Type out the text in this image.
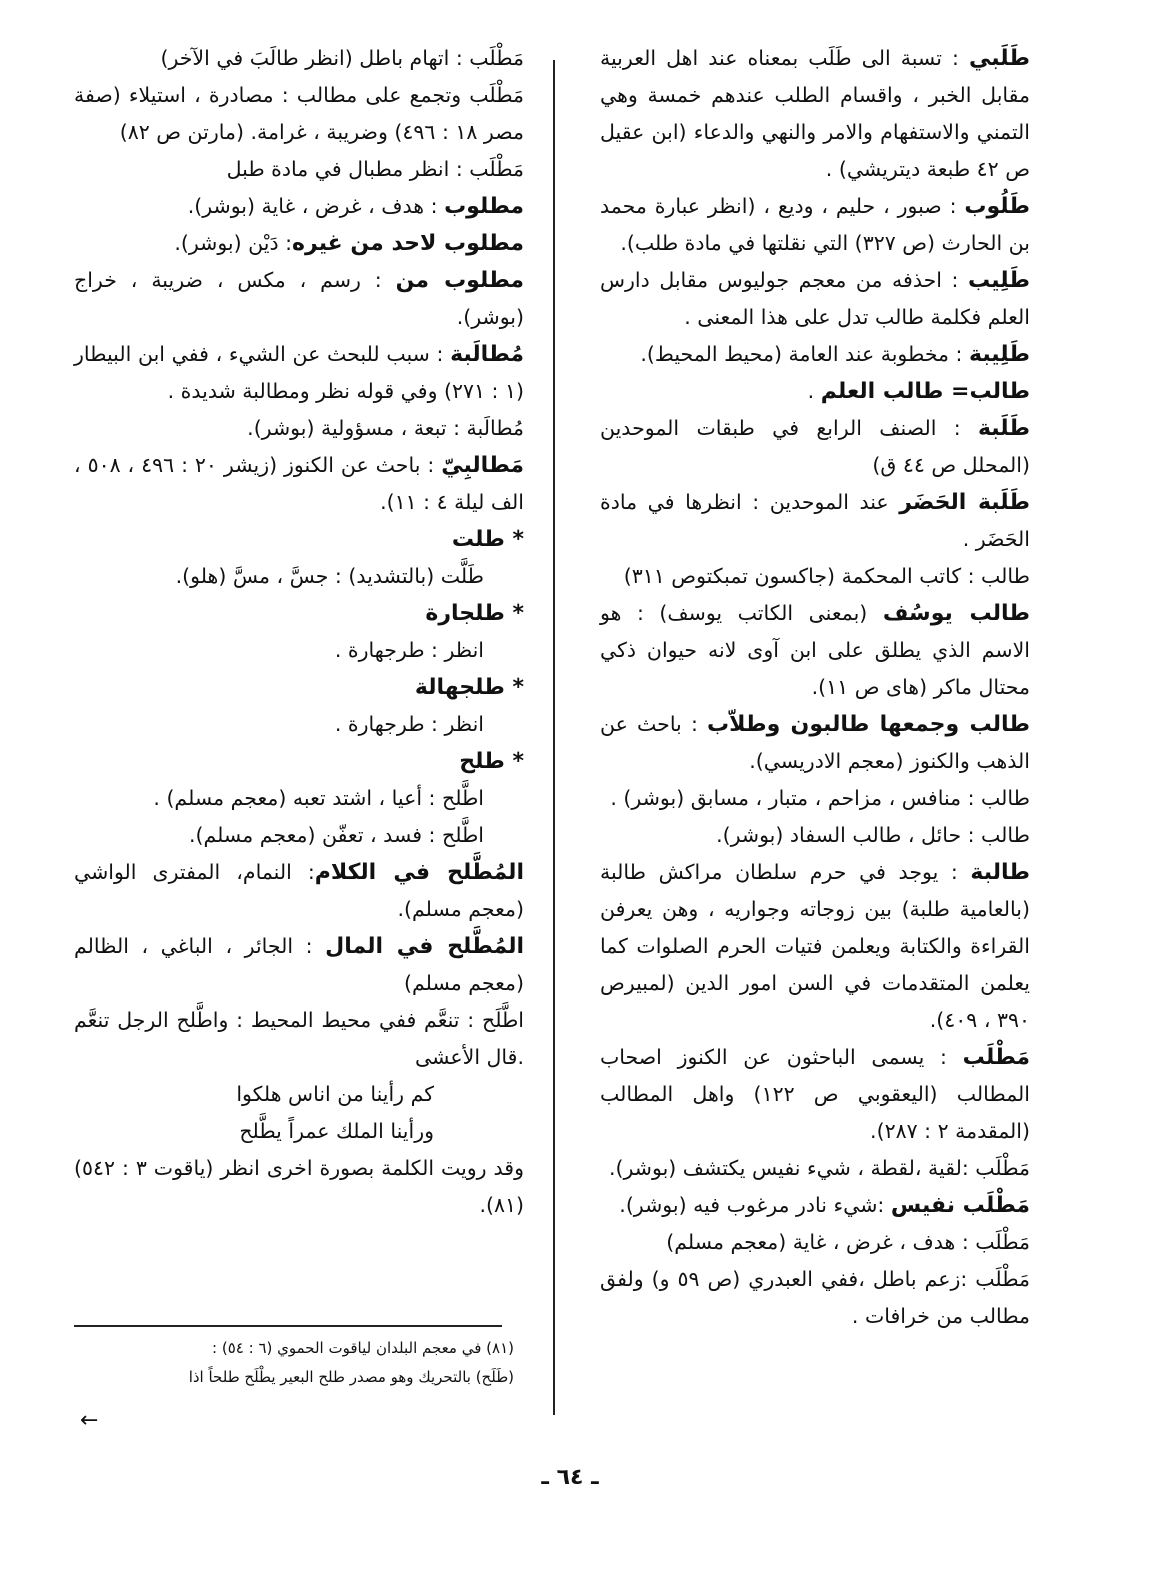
طَلَبي : تسبة الى طَلَب بمعناه عند اهل العربية مقابل الخبر ، واقسام الطلب عندهم خمسة وهي التمني والاستفهام والامر والنهي والدعاء (ابن عقيل ص ٤٢ طبعة ديتريشي) .

طَلُوب : صبور ، حليم ، وديع ، (انظر عبارة محمد بن الحارث (ص ٣٢٧) التي نقلتها في مادة طلب).

طَلِيب : احذفه من معجم جوليوس مقابل دارس العلم فكلمة طالب تدل على هذا المعنى .

طَلِيبة : مخطوبة عند العامة (محيط المحيط).

طالب= طالب العلم .

طَلَبة : الصنف الرابع في طبقات الموحدين (المحلل ص ٤٤ ق)

طَلَبة الحَضَر عند الموحدين : انظرها في مادة الحَضَر .

طالب : كاتب المحكمة (جاكسون تمبكتوص ٣١١)

طالب يوسُف (بمعنى الكاتب يوسف) : هو الاسم الذي يطلق على ابن آوى لانه حيوان ذكي محتال ماكر (هاى ص ١١).

طالب وجمعها طالبون وطلاّب : باحث عن الذهب والكنوز (معجم الادريسي).

طالب : منافس ، مزاحم ، متبار ، مسابق (بوشر) .

طالب : حائل ، طالب السفاد (بوشر).

طالبة : يوجد في حرم سلطان مراكش طالبة (بالعامية طلبة) بين زوجاته وجواريه ، وهن يعرفن القراءة والكتابة ويعلمن فتيات الحرم الصلوات كما يعلمن المتقدمات في السن امور الدين (لمبيرص ٣٩٠ ، ٤٠٩).

مَطْلَب : يسمى الباحثون عن الكنوز اصحاب المطالب (اليعقوبي ص ١٢٢) واهل المطالب (المقدمة ٢ : ٢٨٧).

مَطْلَب :لقية ،لقطة ، شيء نفيس يكتشف (بوشر).

مَطْلَب نفيس :شيء نادر مرغوب فيه (بوشر).

مَطْلَب : هدف ، غرض ، غاية (معجم مسلم)

مَطْلَب :زعم باطل ،ففي العبدري (ص ٥٩ و) ولفق مطالب من خرافات .

مَطْلَب : اتهام باطل (انظر طالَبَ في الآخر)

مَطْلَب وتجمع على مطالب : مصادرة ، استيلاء (صفة مصر ١٨ : ٤٩٦) وضريبة ، غرامة. (مارتن ص ٨٢)

مَطْلَب : انظر مطبال في مادة طبل

مطلوب : هدف ، غرض ، غاية (بوشر).

مطلوب لاحد من غيره: دَيْن (بوشر).

مطلوب من : رسم ، مكس ، ضريبة ، خراج (بوشر).

مُطالَبة : سبب للبحث عن الشيء ، ففي ابن البيطار (١ : ٢٧١) وفي قوله نظر ومطالبة شديدة .

مُطالَبة : تبعة ، مسؤولية (بوشر).

مَطالبِيّ : باحث عن الكنوز (زيشر ٢٠ : ٤٩٦ ، ٥٠٨ ، الف ليلة ٤ : ١١).

* طلت

طَلَّت (بالتشديد) : جسَّ ، مسَّ (هلو).

* طلجارة

انظر : طرجهارة .

* طلجهالة

انظر : طرجهارة .

* طلح

اطَّلح : أعيا ، اشتد تعبه (معجم مسلم) .

اطَّلح : فسد ، تعفّن (معجم مسلم).

المُطَّلح في الكلام: النمام، المفترى الواشي (معجم مسلم).

المُطَّلح في المال : الجائر ، الباغي ، الظالم (معجم مسلم)

اطَّلَح : تنعَّم ففي محيط المحيط : واطَّلح الرجل تنعَّم .قال الأعشى

كم رأينا من اناس هلكوا

ورأينا الملك عمراً يطَّلح

وقد رويت الكلمة بصورة اخرى انظر (ياقوت ٣ : ٥٤٢)(٨١).

(٨١) في معجم البلدان لياقوت الحموي (٦ : ٥٤) :

(طَلَح) بالتحريك وهو مصدر طلح البعير يطْلَح طلحاً اذا

←
ـ ٦٤ ـ
